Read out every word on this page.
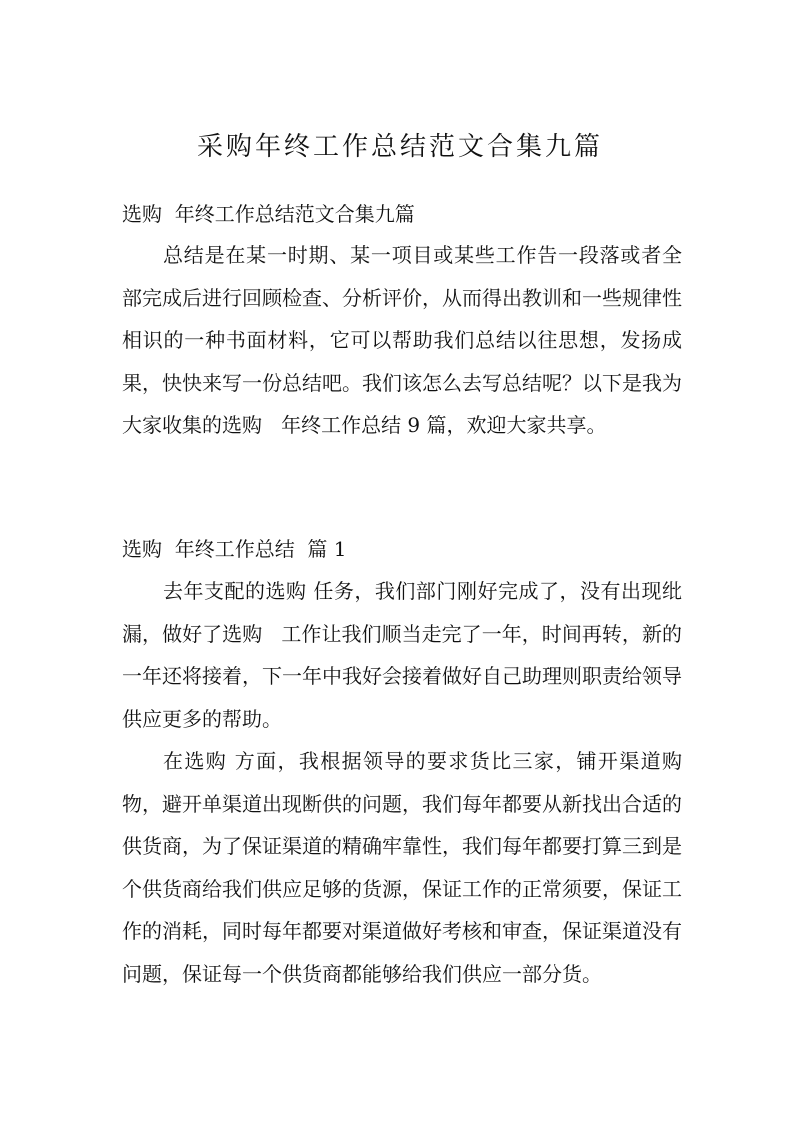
采购年终工作总结范文合集九篇

选购  年终工作总结范文合集九篇

总结是在某一时期、某一项目或某些工作告一段落或者全部完成后进行回顾检查、分析评价，从而得出教训和一些规律性相识的一种书面材料，它可以帮助我们总结以往思想，发扬成果，快快来写一份总结吧。我们该怎么去写总结呢？以下是我为大家收集的选购   年终工作总结 9 篇，欢迎大家共享。

选购  年终工作总结  篇 1

去年支配的选购 任务，我们部门刚好完成了，没有出现纰漏，做好了选购   工作让我们顺当走完了一年，时间再转，新的一年还将接着，下一年中我好会接着做好自己助理则职责给领导供应更多的帮助。

在选购 方面，我根据领导的要求货比三家，铺开渠道购物，避开单渠道出现断供的问题，我们每年都要从新找出合适的供货商，为了保证渠道的精确牢靠性，我们每年都要打算三到是个供货商给我们供应足够的货源，保证工作的正常须要，保证工作的消耗，同时每年都要对渠道做好考核和审查，保证渠道没有问题，保证每一个供货商都能够给我们供应一部分货。
